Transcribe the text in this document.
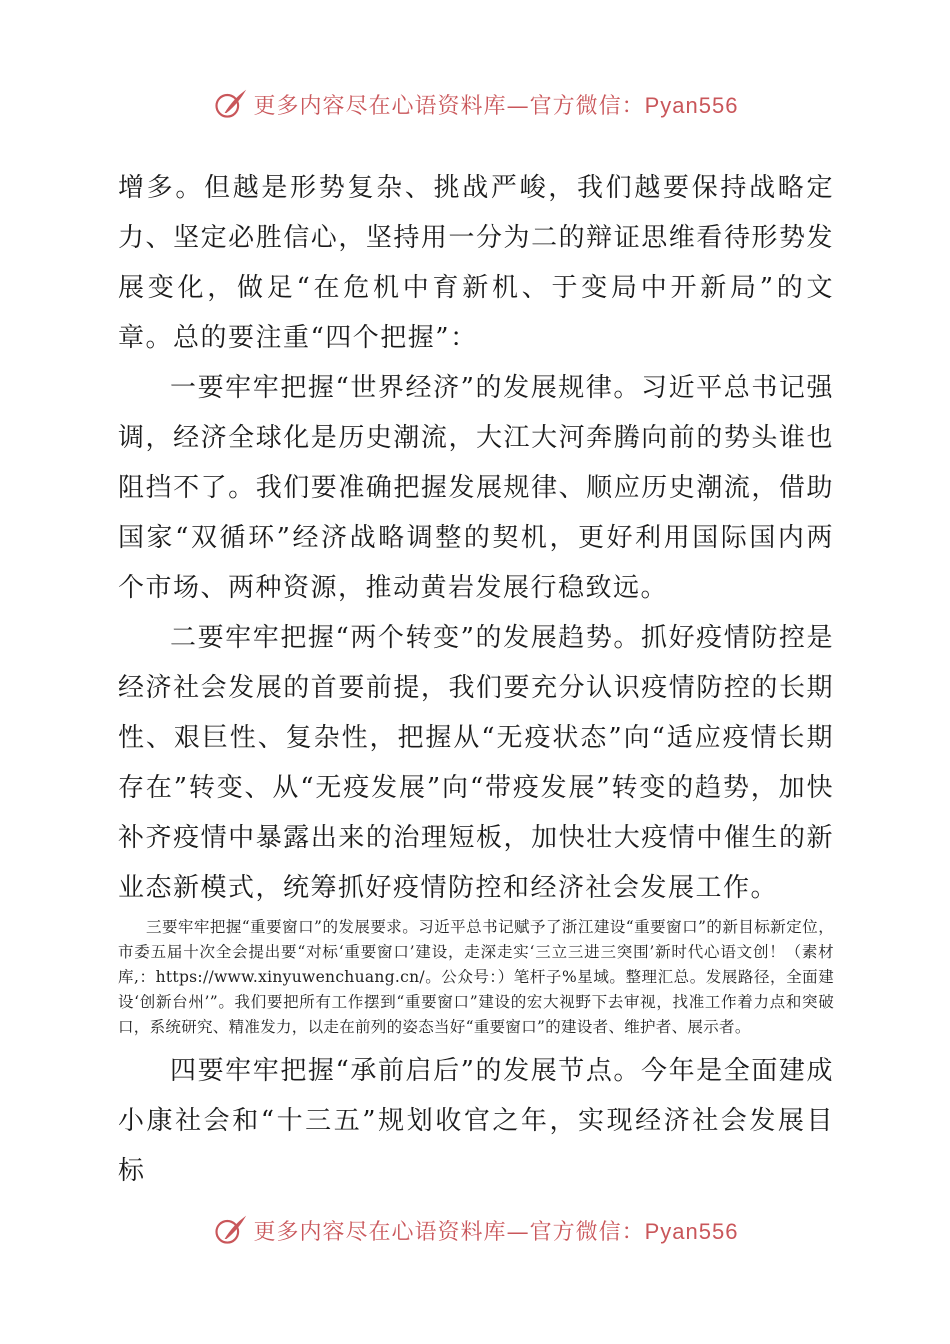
更多内容尽在心语资料库—官方微信：Pyan556

增多。但越是形势复杂、挑战严峻，我们越要保持战略定力、坚定必胜信心，坚持用一分为二的辩证思维看待形势发展变化，做足“在危机中育新机、于变局中开新局”的文章。总的要注重“四个把握”：

一要牢牢把握“世界经济”的发展规律。习近平总书记强调，经济全球化是历史潮流，大江大河奔腾向前的势头谁也阻挡不了。我们要准确把握发展规律、顺应历史潮流，借助国家“双循环”经济战略调整的契机，更好利用国际国内两个市场、两种资源，推动黄岩发展行稳致远。

二要牢牢把握“两个转变”的发展趋势。抓好疫情防控是经济社会发展的首要前提，我们要充分认识疫情防控的长期性、艰巨性、复杂性，把握从“无疫状态”向“适应疫情长期存在”转变、从“无疫发展”向“带疫发展”转变的趋势，加快补齐疫情中暴露出来的治理短板，加快壮大疫情中催生的新业态新模式，统筹抓好疫情防控和经济社会发展工作。

三要牢牢把握“重要窗口”的发展要求。习近平总书记赋予了浙江建设“重要窗口”的新目标新定位，市委五届十次全会提出要“对标‘重要窗口’建设，走深走实‘三立三进三突围’新时代心语文创！（素材库,：https://www.xinyuwenchuang.cn/。公众号：）笔杆子%星域。整理汇总。发展路径，全面建设‘创新台州’”。我们要把所有工作摆到“重要窗口”建设的宏大视野下去审视，找准工作着力点和突破口，系统研究、精准发力，以走在前列的姿态当好“重要窗口”的建设者、维护者、展示者。

四要牢牢把握“承前启后”的发展节点。今年是全面建成小康社会和“十三五”规划收官之年，实现经济社会发展目标

更多内容尽在心语资料库—官方微信：Pyan556
